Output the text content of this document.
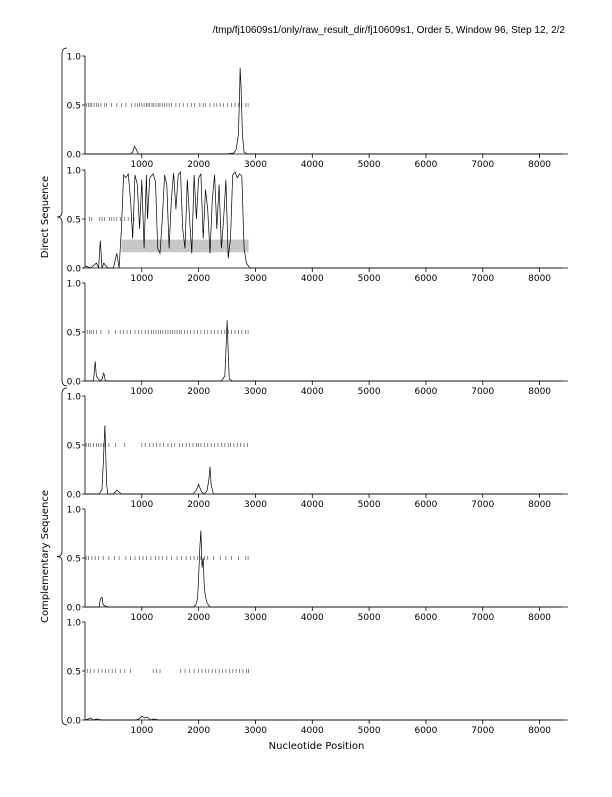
/tmp/fj10609s1/only/raw_result_dir/fj10609s1, Order 5, Window 96, Step 12, 2/2
0.0
0.5
1.0
1000	2000	3000	4000	5000	6000	7000	8000
0.0
0.5
1.0
1000	2000	3000	4000	5000	6000	7000	8000
0.0
0.5
1.0
1000	2000	3000	4000	5000	6000	7000	8000
0.0
0.5
1.0
1000	2000	3000	4000	5000	6000	7000	8000
0.0
0.5
1.0
1000	2000	3000	4000	5000	6000	7000	8000
0.0
0.5
1.0
1000	2000	3000	4000	5000	6000	7000	8000
Direct Sequence
Complementary Sequence
Nucleotide Position
